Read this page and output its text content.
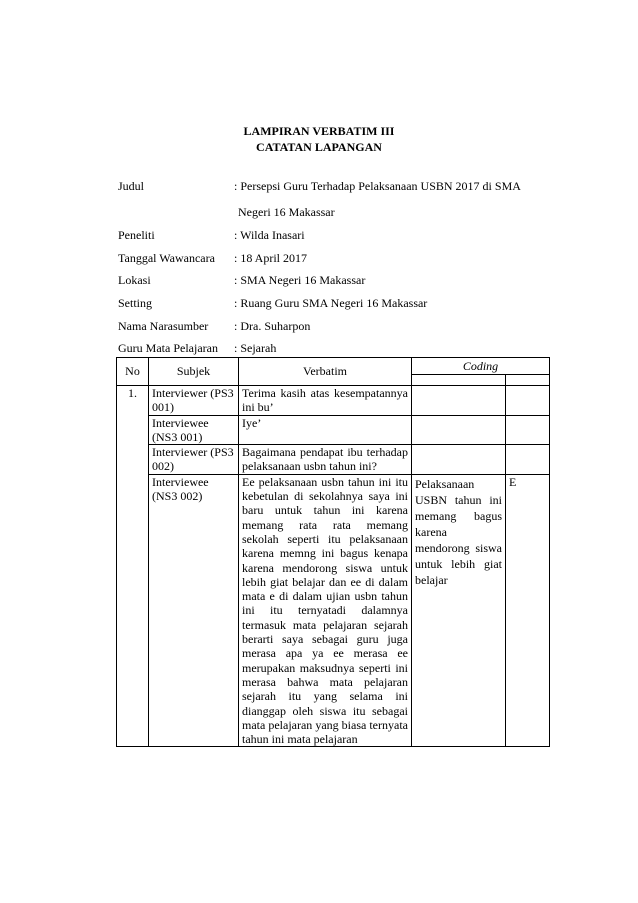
LAMPIRAN VERBATIM III
CATATAN LAPANGAN
Judul	: Persepsi Guru Terhadap Pelaksanaan USBN 2017 di SMA
Negeri 16 Makassar
Peneliti	: Wilda Inasari
Tanggal Wawancara : 18 April 2017
Lokasi	: SMA Negeri 16 Makassar
Setting	: Ruang Guru SMA Negeri 16 Makassar
Nama Narasumber : Dra. Suharpon
Guru Mata Pelajaran : Sejarah
No	Subjek	Verbatim	Coding	

1.	Interviewer (PS3 001)	Terima kasih atas kesempatannya ini bu’		
	Interviewee (NS3 001)	Iye’		
	Interviewer (PS3 002)	Bagaimana pendapat ibu terhadap pelaksanaan usbn tahun ini?		
	Interviewee (NS3 002)	Ee pelaksanaan usbn tahun ini itu kebetulan di sekolahnya saya ini baru untuk tahun ini karena memang rata rata memang sekolah seperti itu pelaksanaan karena memng ini bagus kenapa karena mendorong siswa untuk lebih giat belajar dan ee di dalam mata e di dalam ujian usbn tahun ini itu ternyatadi dalamnya termasuk mata pelajaran sejarah berarti saya sebagai guru juga merasa apa ya ee merasa ee merupakan maksudnya seperti ini merasa bahwa mata pelajaran sejarah itu yang selama ini dianggap oleh siswa itu sebagai mata pelajaran yang biasa ternyata tahun ini mata pelajaran	Pelaksanaan USBN tahun ini memang bagus karena mendorong siswa untuk lebih giat belajar	E
